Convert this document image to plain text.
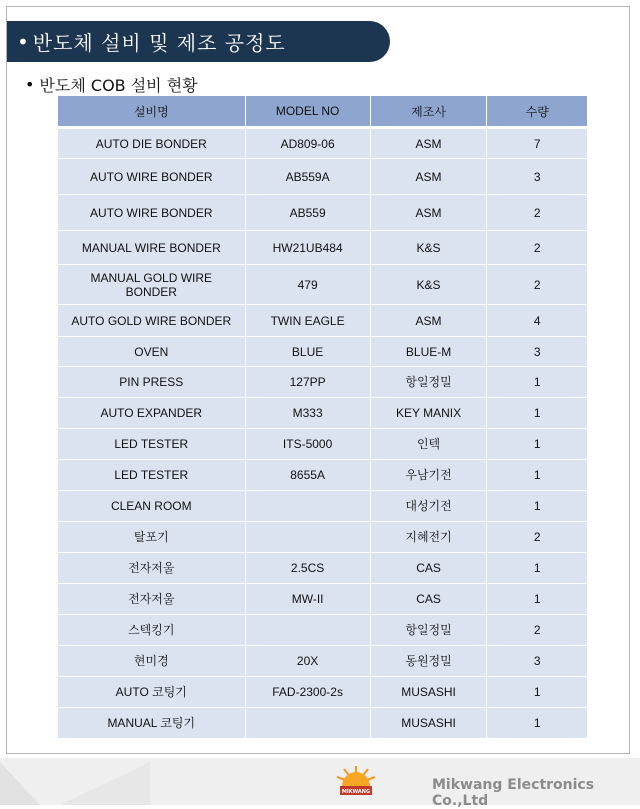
• 반도체 설비 및 제조 공정도
• 반도체 COB 설비 현황
설비명	MODEL NO	제조사	수량
AUTO DIE BONDER	AD809-06	ASM	7
AUTO WIRE BONDER	AB559A	ASM	3
AUTO WIRE BONDER	AB559	ASM	2
MANUAL WIRE BONDER	HW21UB484	K&S	2
MANUAL GOLD WIRE BONDER	479	K&S	2
AUTO GOLD WIRE BONDER	TWIN EAGLE	ASM	4
OVEN	BLUE	BLUE-M	3
PIN PRESS	127PP	항일정밀	1
AUTO EXPANDER	M333	KEY MANIX	1
LED TESTER	ITS-5000	인텍	1
LED TESTER	8655A	우남기전	1
CLEAN ROOM		대성기전	1
탈포기		지혜전기	2
전자저울	2.5CS	CAS	1
전자저울	MW-II	CAS	1
스텍킹기		항일정밀	2
현미경	20X	동원정밀	3
AUTO 코팅기	FAD-2300-2s	MUSASHI	1
MANUAL 코팅기		MUSASHI	1
MIKWANG	Mikwang Electronics Co.,Ltd
